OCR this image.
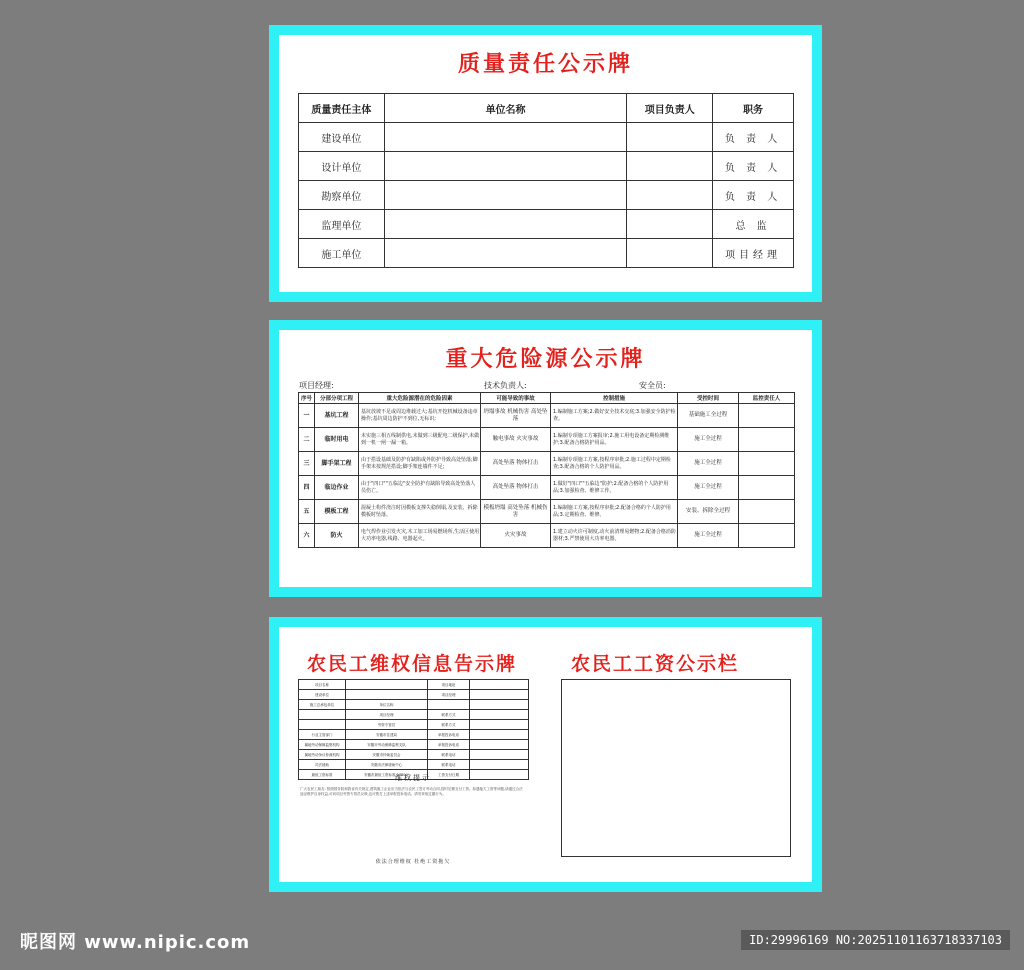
质量责任公示牌
质量责任主体	单位名称	项目负责人	职务
建设单位			负 责 人
设计单位			负 责 人
勘察单位			负 责 人
监理单位			总 监
施工单位			项目经理
重大危险源公示牌
项目经理:	技术负责人:	安全员:
序号	分部分项工程	重大危险源潜在的危险因素	可能导致的事故	控制措施	受控时间	监控责任人
一	基坑工程	基坑放坡不足或周边堆载过大;基坑开挖机械设备违章操作;基坑周边防护不到位,无标识;	坍塌事故 机械伤害 高处坠落	1.编制施工方案;2.做好安全技术交底;3.加强安全防护检查。	基础施工全过程	
二	临时用电	未实施三相五线制供电,未做到三级配电二级保护,未做到一机一闸一漏一箱。	触电事故 火灾事故	1.编制专项施工方案报审;2.施工用电设备定期检测维护;3.配备合格防护用品。	施工全过程	
三	脚手架工程	由于搭设基础及防护有缺陷或外防护导致高处坠落;脚手架未按规范搭设;脚手架连墙件不足;	高处坠落 物体打击	1.编制专项施工方案,按程序审批;2.施工过程中定期检查;3.配备合格的个人防护用品。	施工全过程	
四	临边作业	由于"四口""五临边"安全防护有缺陷导致高处坠落人员伤亡。	高处坠落 物体打击	1.做好"四口""五临边"防护;2.配备合格的个人防护用品;3.加强检查、维修工作。	施工全过程	
五	模板工程	混凝土构件浇注时因模板支撑失稳倒塌,及安装、拆除模板时坠落。	模板坍塌 高处坠落 机械伤害	1.编制施工方案,按程序审批;2.配备合格的个人防护用品;3.定期检查、维修。	安装、拆除全过程	
六	防火	电气焊作业引发火灾,木工加工场易燃场所,生活区使用大功率电器,线路、电器起火。	火灾事故	1.建立动火许可制度,动火前清理易燃物;2.配备合格消防器材;3.严禁使用大功率电器。	施工全过程	
农民工维权信息告示牌	农民工工资公示栏
项目名称		项目地址	
建设单位		项目经理	
施工总承包单位	单位名称		
	项目经理	联系方式	
	劳资专管员	联系方式	
行业主管部门	安徽市住建局	举报投诉电话	
属地劳动保障监察机构	安徽市劳动保障监察支队	举报投诉电话	
属地劳动争议仲裁机构	安徽市仲裁委员会	联系电话	
司法援助	安徽市法律援助中心	联系电话	
最低工资标准	安徽市最低工资标准 1780元	工资支付日期	
维权提示
广大农民工朋友: 按照国务院和我省有关规定,建筑施工企业应当依法与农民工签订劳动合同,按时足额支付工资。如遇拖欠工资等问题,请通过合法途径维护自身权益,可向项目劳资专管员反映,也可拨打上述举报投诉电话。请勿采取过激行为。
依法合理维权 杜绝工资拖欠
昵图网 www.nipic.com	ID:29996169 NO:20251101163718337103
